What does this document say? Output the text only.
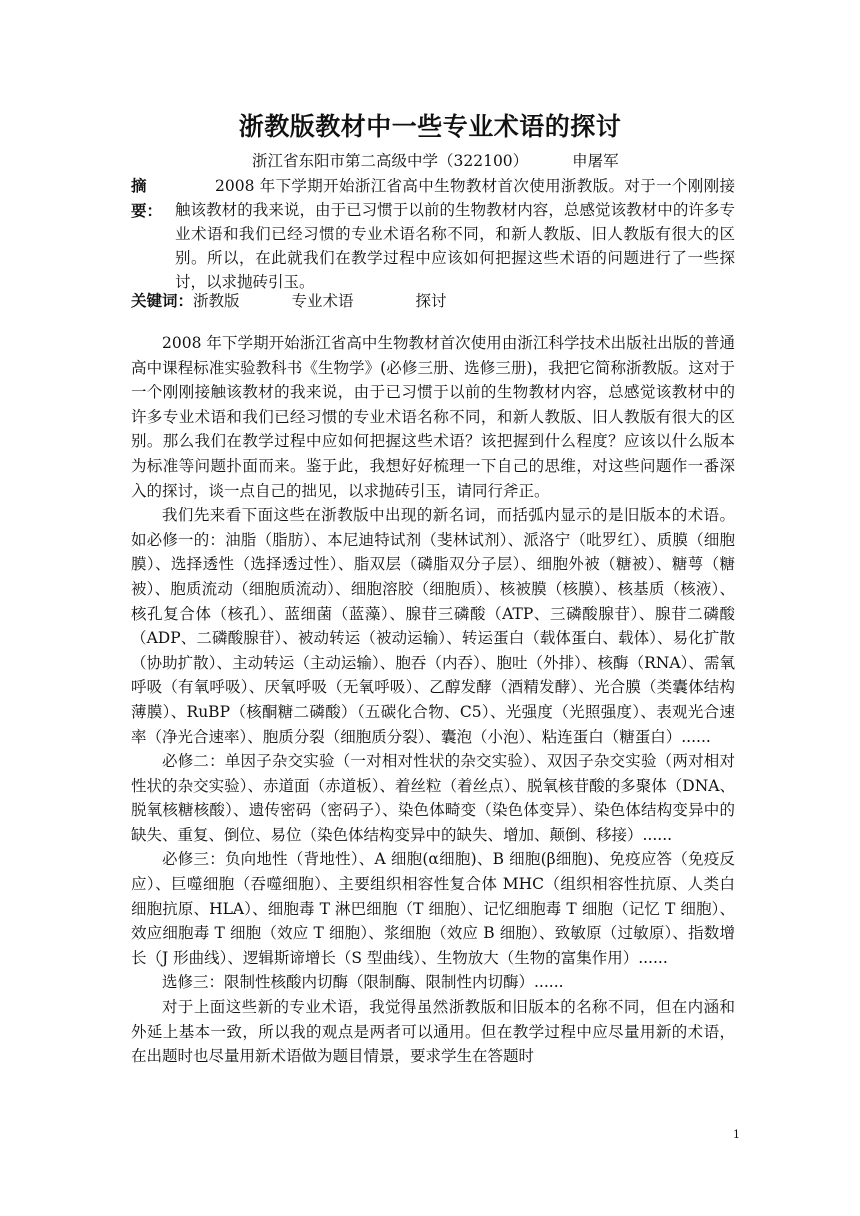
浙教版教材中一些专业术语的探讨
浙江省东阳市第二高级中学（322100）	申屠军
摘要：
2008 年下学期开始浙江省高中生物教材首次使用浙教版。对于一个刚刚接触该教材的我来说，由于已习惯于以前的生物教材内容，总感觉该教材中的许多专业术语和我们已经习惯的专业术语名称不同，和新人教版、旧人教版有很大的区别。所以，在此就我们在教学过程中应该如何把握这些术语的问题进行了一些探讨，以求抛砖引玉。
关键词：浙教版	专业术语	探讨

2008 年下学期开始浙江省高中生物教材首次使用由浙江科学技术出版社出版的普通高中课程标准实验教科书《生物学》(必修三册、选修三册)，我把它简称浙教版。这对于一个刚刚接触该教材的我来说，由于已习惯于以前的生物教材内容，总感觉该教材中的许多专业术语和我们已经习惯的专业术语名称不同，和新人教版、旧人教版有很大的区别。那么我们在教学过程中应如何把握这些术语？该把握到什么程度？应该以什么版本为标准等问题扑面而来。鉴于此，我想好好梳理一下自己的思维，对这些问题作一番深入的探讨，谈一点自己的拙见，以求抛砖引玉，请同行斧正。

我们先来看下面这些在浙教版中出现的新名词，而括弧内显示的是旧版本的术语。如必修一的：油脂（脂肪）、本尼迪特试剂（斐林试剂）、派洛宁（吡罗红）、质膜（细胞膜）、选择透性（选择透过性）、脂双层（磷脂双分子层）、细胞外被（糖被）、糖萼（糖被）、胞质流动（细胞质流动）、细胞溶胶（细胞质）、核被膜（核膜）、核基质（核液）、核孔复合体（核孔）、蓝细菌（蓝藻）、腺苷三磷酸（ATP、三磷酸腺苷）、腺苷二磷酸（ADP、二磷酸腺苷）、被动转运（被动运输）、转运蛋白（载体蛋白、载体）、易化扩散（协助扩散）、主动转运（主动运输）、胞吞（内吞）、胞吐（外排）、核酶（RNA）、需氧呼吸（有氧呼吸）、厌氧呼吸（无氧呼吸）、乙醇发酵（酒精发酵）、光合膜（类囊体结构薄膜）、RuBP（核酮糖二磷酸）（五碳化合物、C5）、光强度（光照强度）、表观光合速率（净光合速率）、胞质分裂（细胞质分裂）、囊泡（小泡）、粘连蛋白（糖蛋白）......

必修二：单因子杂交实验（一对相对性状的杂交实验）、双因子杂交实验（两对相对性状的杂交实验）、赤道面（赤道板）、着丝粒（着丝点）、脱氧核苷酸的多聚体（DNA、脱氧核糖核酸）、遗传密码（密码子）、染色体畸变（染色体变异）、染色体结构变异中的缺失、重复、倒位、易位（染色体结构变异中的缺失、增加、颠倒、移接）......

必修三：负向地性（背地性）、A 细胞(α细胞)、B 细胞(β细胞)、免疫应答（免疫反应）、巨噬细胞（吞噬细胞）、主要组织相容性复合体 MHC（组织相容性抗原、人类白细胞抗原、HLA）、细胞毒 T 淋巴细胞（T 细胞）、记忆细胞毒 T 细胞（记忆 T 细胞）、效应细胞毒 T 细胞（效应 T 细胞）、浆细胞（效应 B 细胞）、致敏原（过敏原）、指数增长（J 形曲线）、逻辑斯谛增长（S 型曲线）、生物放大（生物的富集作用）......

选修三：限制性核酸内切酶（限制酶、限制性内切酶）......

对于上面这些新的专业术语，我觉得虽然浙教版和旧版本的名称不同，但在内涵和外延上基本一致，所以我的观点是两者可以通用。但在教学过程中应尽量用新的术语，在出题时也尽量用新术语做为题目情景，要求学生在答题时

1
